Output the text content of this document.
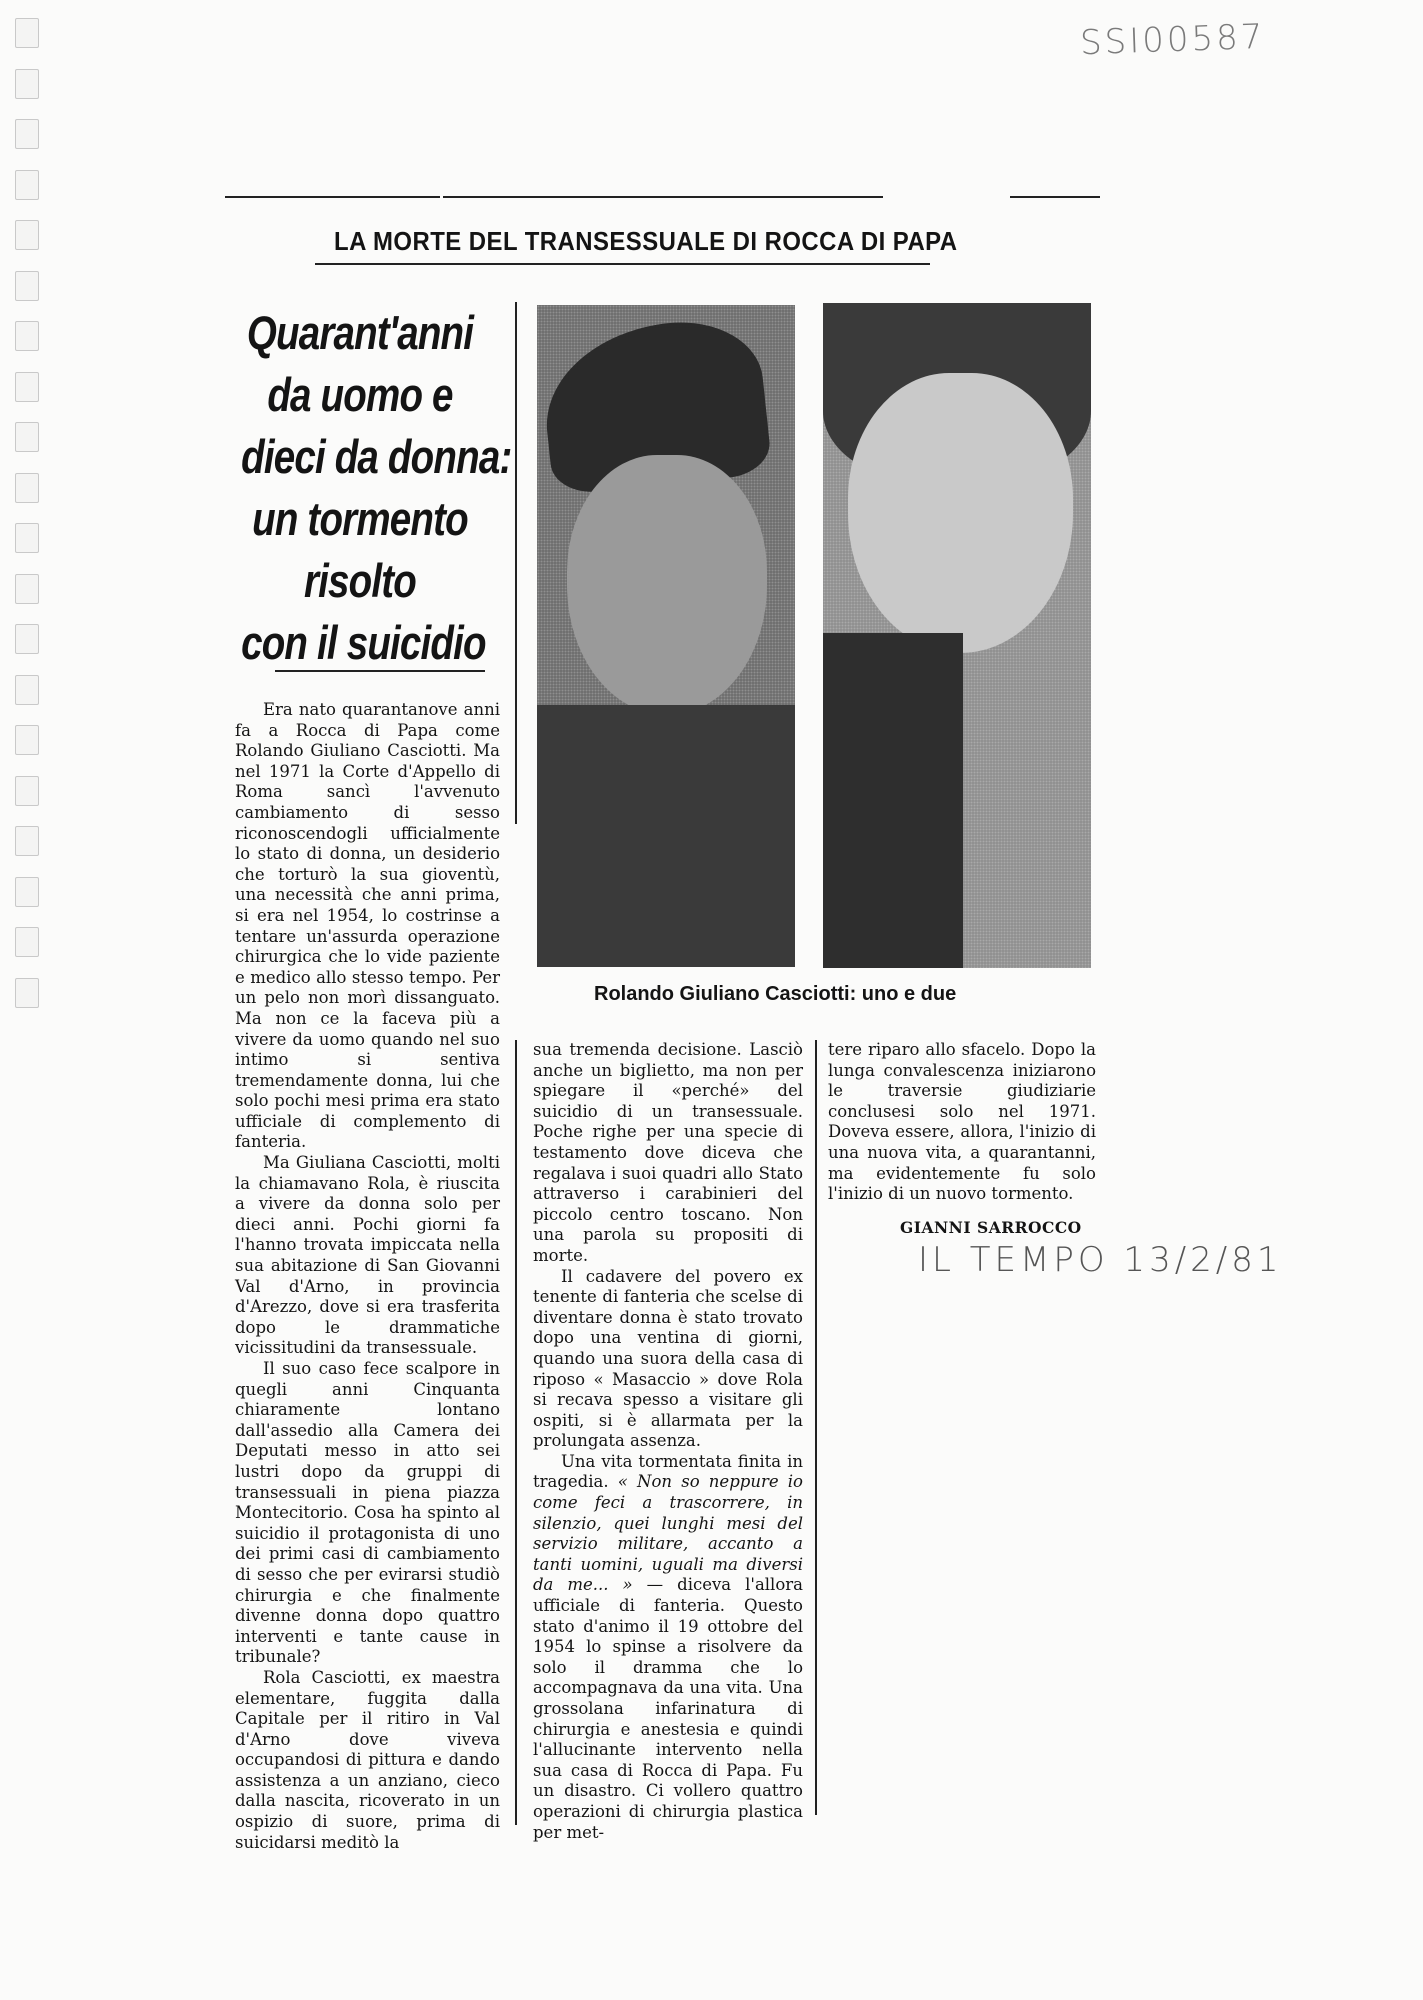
SSI00587
LA MORTE DEL TRANSESSUALE DI ROCCA DI PAPA
Quarant'anni
da uomo e
dieci da donna:
un tormento
risolto
con il suicidio
Rolando Giuliano Casciotti: uno e due

Era nato quarantanove anni fa a Rocca di Papa come Rolando Giuliano Casciotti. Ma nel 1971 la Corte d'Appello di Roma sancì l'avvenuto cambiamento di sesso riconoscendogli ufficialmente lo stato di donna, un desiderio che torturò la sua gioventù, una necessità che anni prima, si era nel 1954, lo costrinse a tentare un'assurda operazione chirurgica che lo vide paziente e medico allo stesso tempo. Per un pelo non morì dissanguato. Ma non ce la faceva più a vivere da uomo quando nel suo intimo si sentiva tremendamente donna, lui che solo pochi mesi prima era stato ufficiale di complemento di fanteria.

Ma Giuliana Casciotti, molti la chiamavano Rola, è riuscita a vivere da donna solo per dieci anni. Pochi giorni fa l'hanno trovata impiccata nella sua abitazione di San Giovanni Val d'Arno, in provincia d'Arezzo, dove si era trasferita dopo le drammatiche vicissitudini da transessuale.

Il suo caso fece scalpore in quegli anni Cinquanta chiaramente lontano dall'assedio alla Camera dei Deputati messo in atto sei lustri dopo da gruppi di transessuali in piena piazza Montecitorio. Cosa ha spinto al suicidio il protagonista di uno dei primi casi di cambiamento di sesso che per evirarsi studiò chirurgia e che finalmente divenne donna dopo quattro interventi e tante cause in tribunale?

Rola Casciotti, ex maestra elementare, fuggita dalla Capitale per il ritiro in Val d'Arno dove viveva occupandosi di pittura e dando assistenza a un anziano, cieco dalla nascita, ricoverato in un ospizio di suore, prima di suicidarsi meditò la

sua tremenda decisione. Lasciò anche un biglietto, ma non per spiegare il «perché» del suicidio di un transessuale. Poche righe per una specie di testamento dove diceva che regalava i suoi quadri allo Stato attraverso i carabinieri del piccolo centro toscano. Non una parola su propositi di morte.

Il cadavere del povero ex tenente di fanteria che scelse di diventare donna è stato trovato dopo una ventina di giorni, quando una suora della casa di riposo « Masaccio » dove Rola si recava spesso a visitare gli ospiti, si è allarmata per la prolungata assenza.

Una vita tormentata finita in tragedia. « Non so neppure io come feci a trascorrere, in silenzio, quei lunghi mesi del servizio militare, accanto a tanti uomini, uguali ma diversi da me... » — diceva l'allora ufficiale di fanteria. Questo stato d'animo il 19 ottobre del 1954 lo spinse a risolvere da solo il dramma che lo accompagnava da una vita. Una grossolana infarinatura di chirurgia e anestesia e quindi l'allucinante intervento nella sua casa di Rocca di Papa. Fu un disastro. Ci vollero quattro operazioni di chirurgia plastica per met-

tere riparo allo sfacelo. Dopo la lunga convalescenza iniziarono le traversie giudiziarie conclusesi solo nel 1971. Doveva essere, allora, l'inizio di una nuova vita, a quarantanni, ma evidentemente fu solo l'inizio di un nuovo tormento.

GIANNI SARROCCO
IL TEMPO 13/2/81
